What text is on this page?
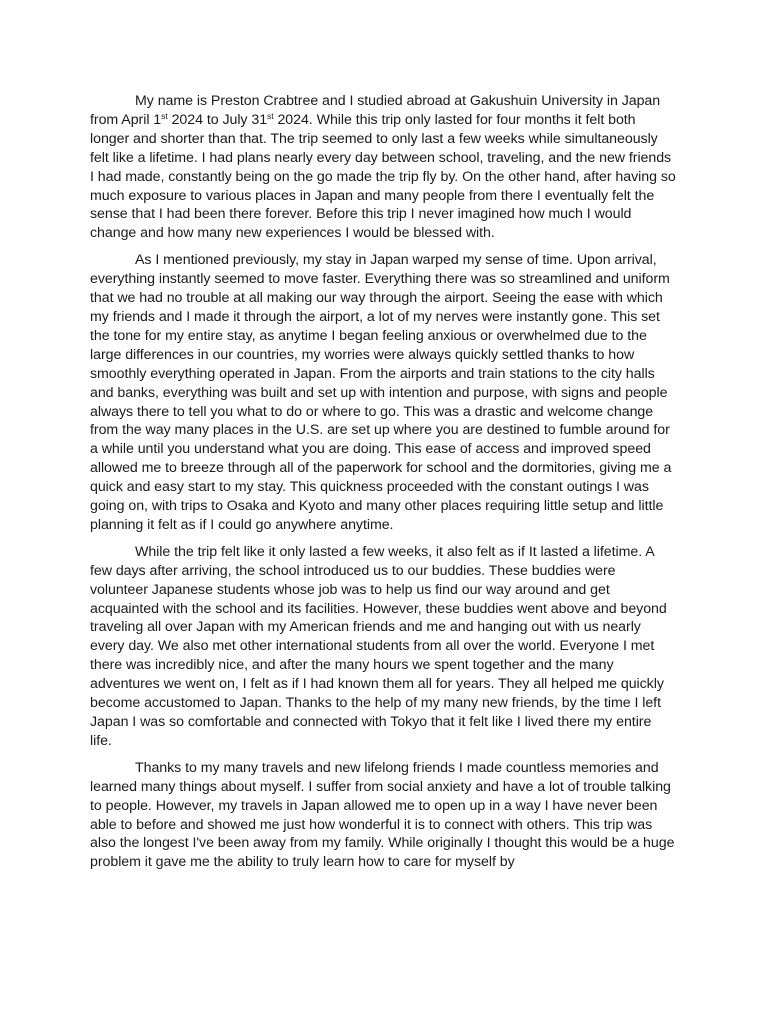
My name is Preston Crabtree and I studied abroad at Gakushuin University in Japan from April 1st 2024 to July 31st 2024. While this trip only lasted for four months it felt both longer and shorter than that. The trip seemed to only last a few weeks while simultaneously felt like a lifetime. I had plans nearly every day between school, traveling, and the new friends I had made, constantly being on the go made the trip fly by. On the other hand, after having so much exposure to various places in Japan and many people from there I eventually felt the sense that I had been there forever. Before this trip I never imagined how much I would change and how many new experiences I would be blessed with.

As I mentioned previously, my stay in Japan warped my sense of time. Upon arrival, everything instantly seemed to move faster. Everything there was so streamlined and uniform that we had no trouble at all making our way through the airport. Seeing the ease with which my friends and I made it through the airport, a lot of my nerves were instantly gone. This set the tone for my entire stay, as anytime I began feeling anxious or overwhelmed due to the large differences in our countries, my worries were always quickly settled thanks to how smoothly everything operated in Japan. From the airports and train stations to the city halls and banks, everything was built and set up with intention and purpose, with signs and people always there to tell you what to do or where to go. This was a drastic and welcome change from the way many places in the U.S. are set up where you are destined to fumble around for a while until you understand what you are doing. This ease of access and improved speed allowed me to breeze through all of the paperwork for school and the dormitories, giving me a quick and easy start to my stay. This quickness proceeded with the constant outings I was going on, with trips to Osaka and Kyoto and many other places requiring little setup and little planning it felt as if I could go anywhere anytime.

While the trip felt like it only lasted a few weeks, it also felt as if It lasted a lifetime. A few days after arriving, the school introduced us to our buddies. These buddies were volunteer Japanese students whose job was to help us find our way around and get acquainted with the school and its facilities. However, these buddies went above and beyond traveling all over Japan with my American friends and me and hanging out with us nearly every day. We also met other international students from all over the world. Everyone I met there was incredibly nice, and after the many hours we spent together and the many adventures we went on, I felt as if I had known them all for years. They all helped me quickly become accustomed to Japan. Thanks to the help of my many new friends, by the time I left Japan I was so comfortable and connected with Tokyo that it felt like I lived there my entire life.

Thanks to my many travels and new lifelong friends I made countless memories and learned many things about myself. I suffer from social anxiety and have a lot of trouble talking to people. However, my travels in Japan allowed me to open up in a way I have never been able to before and showed me just how wonderful it is to connect with others. This trip was also the longest I've been away from my family. While originally I thought this would be a huge problem it gave me the ability to truly learn how to care for myself by
